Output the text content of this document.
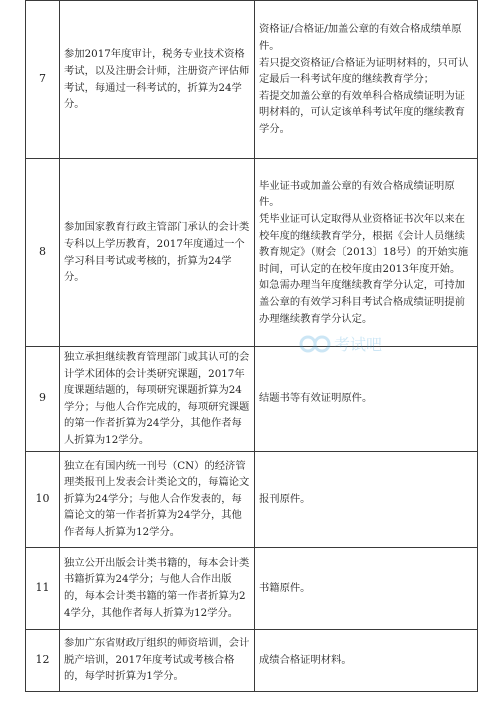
7	参加2017年度审计，税务专业技术资格考试，以及注册会计师，注册资产评估师考试，每通过一科考试的，折算为24学分。	资格证/合格证/加盖公章的有效合格成绩单原件。
若只提交资格证/合格证为证明材料的，只可认定最后一科考试年度的继续教育学分；
若提交加盖公章的有效单科合格成绩证明为证明材料的，可认定该单科考试年度的继续教育学分。
8	参加国家教育行政主管部门承认的会计类专科以上学历教育，2017年度通过一个学习科目考试或考核的，折算为24学分。	毕业证书或加盖公章的有效合格成绩证明原件。
凭毕业证可认定取得从业资格证书次年以来在校年度的继续教育学分，根据《会计人员继续教育规定》（财会〔2013〕18号）的开始实施时间，可认定的在校年度由2013年度开始。
如急需办理当年度继续教育学分认定，可持加盖公章的有效学习科目考试合格成绩证明提前办理继续教育学分认定。
9	独立承担继续教育管理部门或其认可的会计学术团体的会计类研究课题，2017年度课题结题的，每项研究课题折算为24学分；与他人合作完成的，每项研究课题的第一作者折算为24学分，其他作者每人折算为12学分。	结题书等有效证明原件。
10	独立在有国内统一刊号（CN）的经济管理类报刊上发表会计类论文的，每篇论文折算为24学分；与他人合作发表的，每篇论文的第一作者折算为24学分，其他作者每人折算为12学分。	报刊原件。
11	独立公开出版会计类书籍的，每本会计类书籍折算为24学分；与他人合作出版的，每本会计类书籍的第一作者折算为24学分，其他作者每人折算为12学分。	书籍原件。
12	参加广东省财政厅组织的师资培训，会计脱产培训，2017年度考试或考核合格的，每学时折算为1学分。	成绩合格证明材料。
考试吧
